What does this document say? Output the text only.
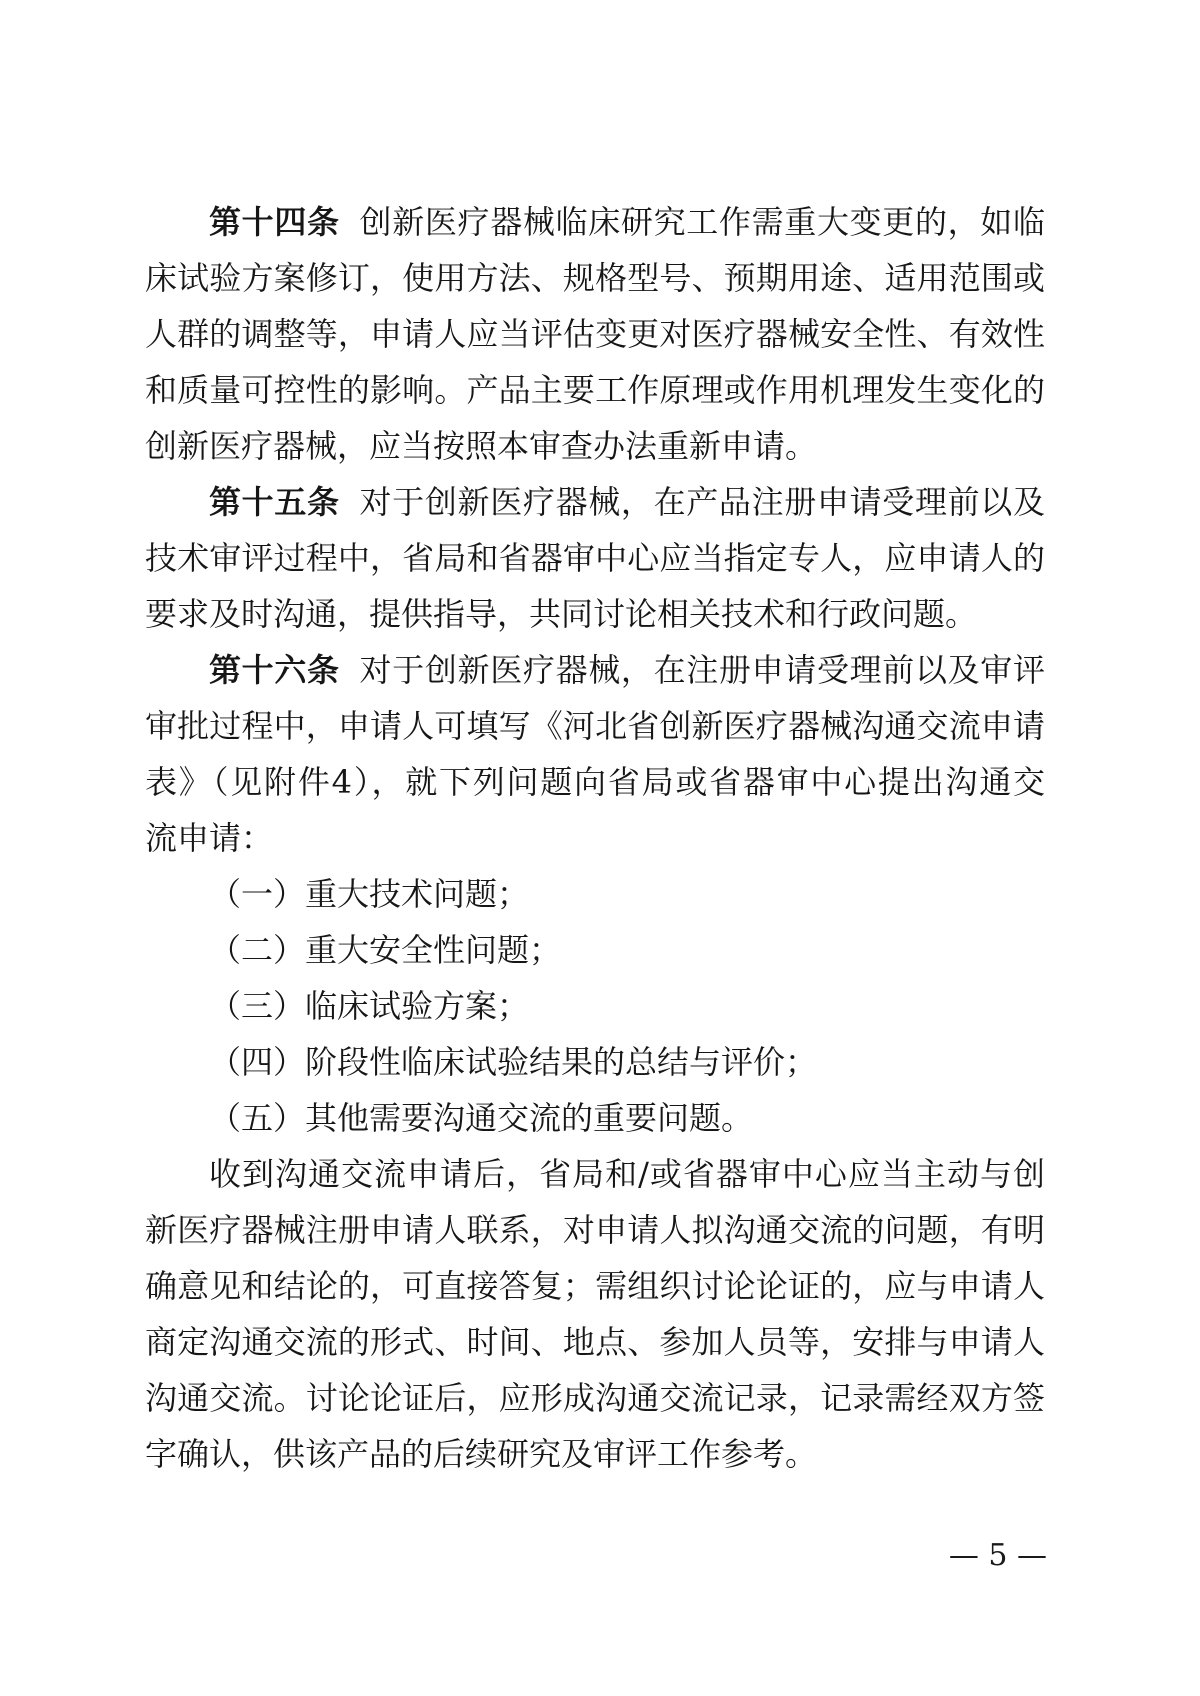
第十四条 创新医疗器械临床研究工作需重大变更的，如临
床试验方案修订，使用方法、规格型号、预期用途、适用范围或
人群的调整等，申请人应当评估变更对医疗器械安全性、有效性
和质量可控性的影响。产品主要工作原理或作用机理发生变化的
创新医疗器械，应当按照本审查办法重新申请。
第十五条 对于创新医疗器械，在产品注册申请受理前以及
技术审评过程中，省局和省器审中心应当指定专人，应申请人的
要求及时沟通，提供指导，共同讨论相关技术和行政问题。
第十六条 对于创新医疗器械，在注册申请受理前以及审评
审批过程中，申请人可填写《河北省创新医疗器械沟通交流申请
表》（见附件4），就下列问题向省局或省器审中心提出沟通交
流申请：
（一）重大技术问题；
（二）重大安全性问题；
（三）临床试验方案；
（四）阶段性临床试验结果的总结与评价；
（五）其他需要沟通交流的重要问题。
收到沟通交流申请后，省局和/或省器审中心应当主动与创
新医疗器械注册申请人联系，对申请人拟沟通交流的问题，有明
确意见和结论的，可直接答复；需组织讨论论证的，应与申请人
商定沟通交流的形式、时间、地点、参加人员等，安排与申请人
沟通交流。讨论论证后，应形成沟通交流记录，记录需经双方签
字确认，供该产品的后续研究及审评工作参考。
— 5 —
